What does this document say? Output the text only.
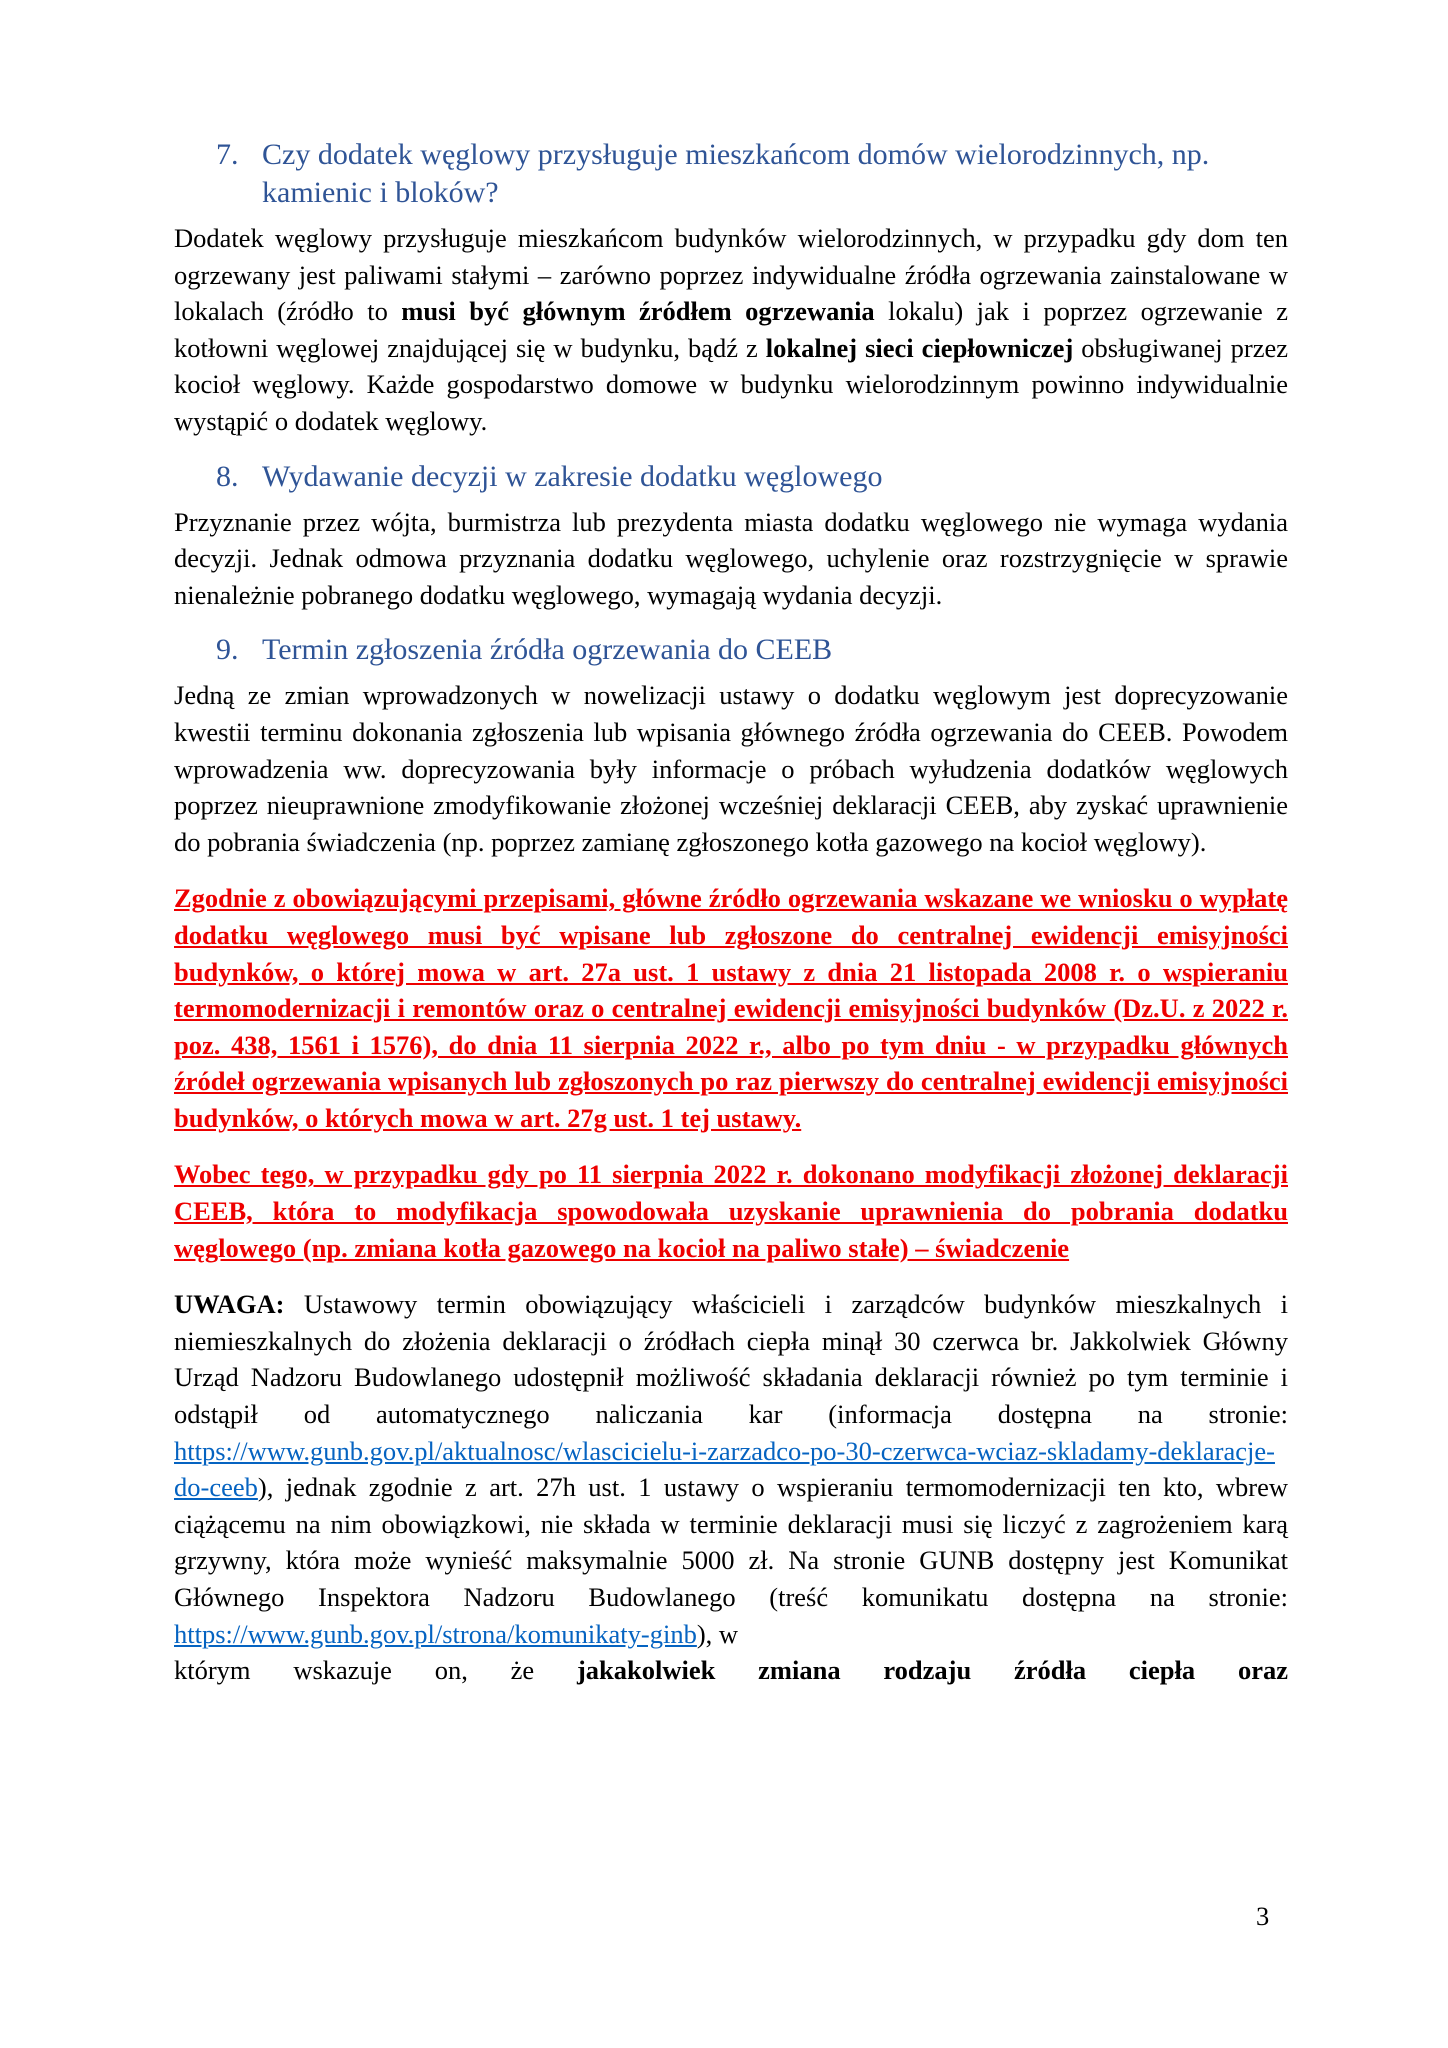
7. Czy dodatek węglowy przysługuje mieszkańcom domów wielorodzinnych, np. kamienic i bloków?

Dodatek węglowy przysługuje mieszkańcom budynków wielorodzinnych, w przypadku gdy dom ten ogrzewany jest paliwami stałymi – zarówno poprzez indywidualne źródła ogrzewania zainstalowane w lokalach (źródło to musi być głównym źródłem ogrzewania lokalu) jak i poprzez ogrzewanie z kotłowni węglowej znajdującej się w budynku, bądź z lokalnej sieci ciepłowniczej obsługiwanej przez kocioł węglowy. Każde gospodarstwo domowe w budynku wielorodzinnym powinno indywidualnie wystąpić o dodatek węglowy.

8. Wydawanie decyzji w zakresie dodatku węglowego

Przyznanie przez wójta, burmistrza lub prezydenta miasta dodatku węglowego nie wymaga wydania decyzji. Jednak odmowa przyznania dodatku węglowego, uchylenie oraz rozstrzygnięcie w sprawie nienależnie pobranego dodatku węglowego, wymagają wydania decyzji.

9. Termin zgłoszenia źródła ogrzewania do CEEB

Jedną ze zmian wprowadzonych w nowelizacji ustawy o dodatku węglowym jest doprecyzowanie kwestii terminu dokonania zgłoszenia lub wpisania głównego źródła ogrzewania do CEEB. Powodem wprowadzenia ww. doprecyzowania były informacje o próbach wyłudzenia dodatków węglowych poprzez nieuprawnione zmodyfikowanie złożonej wcześniej deklaracji CEEB, aby zyskać uprawnienie do pobrania świadczenia (np. poprzez zamianę zgłoszonego kotła gazowego na kocioł węglowy).

Zgodnie z obowiązującymi przepisami, główne źródło ogrzewania wskazane we wniosku o wypłatę dodatku węglowego musi być wpisane lub zgłoszone do centralnej ewidencji emisyjności budynków, o której mowa w art. 27a ust. 1 ustawy z dnia 21 listopada 2008 r. o wspieraniu termomodernizacji i remontów oraz o centralnej ewidencji emisyjności budynków (Dz.U. z 2022 r. poz. 438, 1561 i 1576), do dnia 11 sierpnia 2022 r., albo po tym dniu - w przypadku głównych źródeł ogrzewania wpisanych lub zgłoszonych po raz pierwszy do centralnej ewidencji emisyjności budynków, o których mowa w art. 27g ust. 1 tej ustawy.

Wobec tego, w przypadku gdy po 11 sierpnia 2022 r. dokonano modyfikacji złożonej deklaracji CEEB, która to modyfikacja spowodowała uzyskanie uprawnienia do pobrania dodatku węglowego (np. zmiana kotła gazowego na kocioł na paliwo stałe) – świadczenie

UWAGA: Ustawowy termin obowiązujący właścicieli i zarządców budynków mieszkalnych i niemieszkalnych do złożenia deklaracji o źródłach ciepła minął 30 czerwca br. Jakkolwiek Główny Urząd Nadzoru Budowlanego udostępnił możliwość składania deklaracji również po tym terminie i odstąpił od automatycznego naliczania kar (informacja dostępna na stronie: https://www.gunb.gov.pl/aktualnosc/wlascicielu-i-zarzadco-po-30-czerwca-wciaz-skladamy-deklaracje-do-ceeb), jednak zgodnie z art. 27h ust. 1 ustawy o wspieraniu termomodernizacji ten kto, wbrew ciążącemu na nim obowiązkowi, nie składa w terminie deklaracji musi się liczyć z zagrożeniem karą grzywny, która może wynieść maksymalnie 5000 zł. Na stronie GUNB dostępny jest Komunikat Głównego Inspektora Nadzoru Budowlanego (treść komunikatu dostępna na stronie: https://www.gunb.gov.pl/strona/komunikaty-ginb), w

którym wskazuje on, że jakakolwiek zmiana rodzaju źródła ciepła oraz
3
